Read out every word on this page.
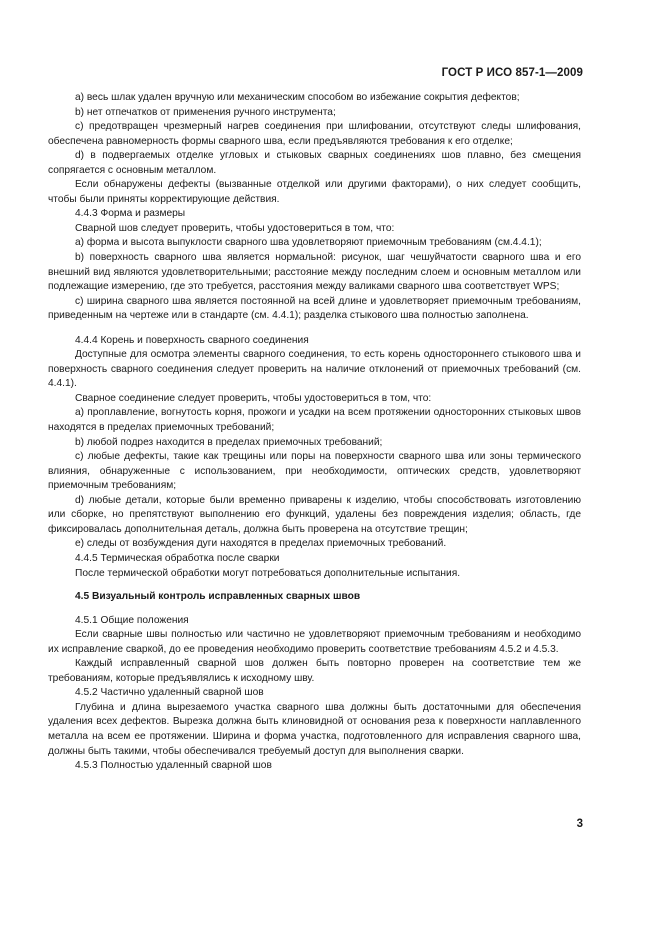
ГОСТ Р ИСО 857-1—2009

а) весь шлак удален вручную или механическим способом во избежание сокрытия дефектов;

b) нет отпечатков от применения ручного инструмента;

с) предотвращен чрезмерный нагрев соединения при шлифовании, отсутствуют следы шлифования, обеспечена равномерность формы сварного шва, если предъявляются требования к его отделке;

d) в подвергаемых отделке угловых и стыковых сварных соединениях шов плавно, без смещения сопрягается с основным металлом.

Если обнаружены дефекты (вызванные отделкой или другими факторами), о них следует сообщить, чтобы были приняты корректирующие действия.

4.4.3 Форма и размеры

Сварной шов следует проверить, чтобы удостовериться в том, что:

а) форма и высота выпуклости сварного шва удовлетворяют приемочным требованиям (см.4.4.1);

b) поверхность сварного шва является нормальной: рисунок, шаг чешуйчатости сварного шва и его внешний вид являются удовлетворительными; расстояние между последним слоем и основным металлом или подлежащие измерению, где это требуется, расстояния между валиками сварного шва соответствует WPS;

с) ширина сварного шва является постоянной на всей длине и удовлетворяет приемочным требованиям, приведенным на чертеже или в стандарте (см. 4.4.1); разделка стыкового шва полностью заполнена.

4.4.4 Корень и поверхность сварного соединения

Доступные для осмотра элементы сварного соединения, то есть корень одностороннего стыкового шва и поверхность сварного соединения следует проверить на наличие отклонений от приемочных требований (см. 4.4.1).

Сварное соединение следует проверить, чтобы удостовериться в том, что:

а) проплавление, вогнутость корня, прожоги и усадки на всем протяжении односторонних стыковых швов находятся в пределах приемочных требований;

b) любой подрез находится в пределах приемочных требований;

с) любые дефекты, такие как трещины или поры на поверхности сварного шва или зоны термического влияния, обнаруженные с использованием, при необходимости, оптических средств, удовлетворяют приемочным требованиям;

d) любые детали, которые были временно приварены к изделию, чтобы способствовать изготовлению или сборке, но препятствуют выполнению его функций, удалены без повреждения изделия; область, где фиксировалась дополнительная деталь, должна быть проверена на отсутствие трещин;

е) следы от возбуждения дуги находятся в пределах приемочных требований.

4.4.5 Термическая обработка после сварки

После термической обработки могут потребоваться дополнительные испытания.

4.5 Визуальный контроль исправленных сварных швов

4.5.1 Общие положения

Если сварные швы полностью или частично не удовлетворяют приемочным требованиям и необходимо их исправление сваркой, до ее проведения необходимо проверить соответствие требованиям 4.5.2 и 4.5.3.

Каждый исправленный сварной шов должен быть повторно проверен на соответствие тем же требованиям, которые предъявлялись к исходному шву.

4.5.2 Частично удаленный сварной шов

Глубина и длина вырезаемого участка сварного шва должны быть достаточными для обеспечения удаления всех дефектов. Вырезка должна быть клиновидной от основания реза к поверхности наплавленного металла на всем ее протяжении. Ширина и форма участка, подготовленного для исправления сварного шва, должны быть такими, чтобы обеспечивался требуемый доступ для выполнения сварки.

4.5.3 Полностью удаленный сварной шов

3
